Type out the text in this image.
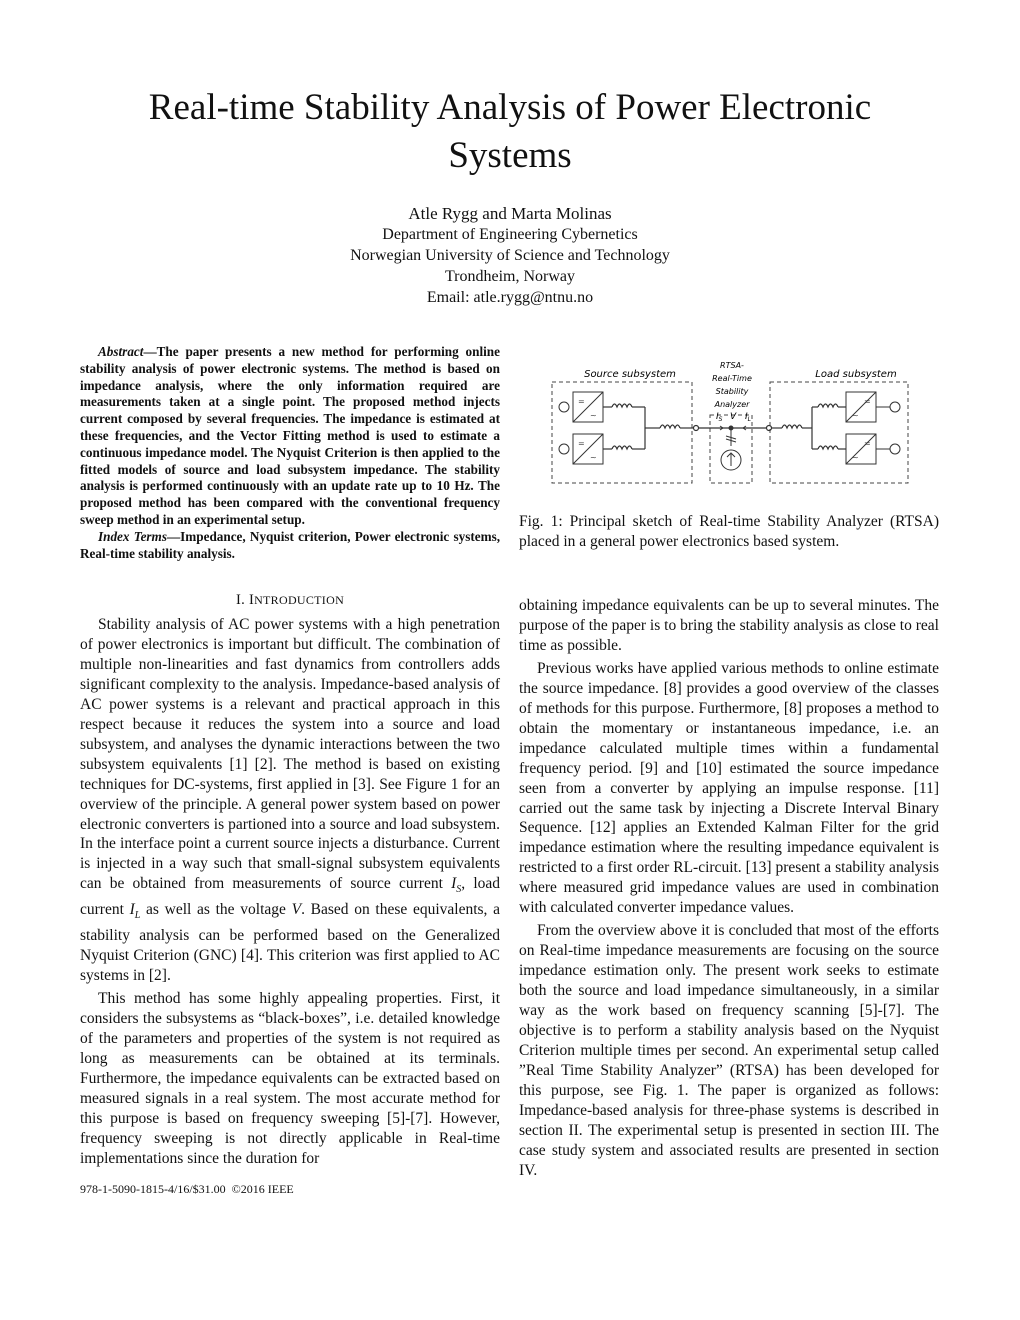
Real-time Stability Analysis of Power Electronic
Systems
Atle Rygg and Marta Molinas
Department of Engineering Cybernetics
Norwegian University of Science and Technology
Trondheim, Norway
Email: atle.rygg@ntnu.no

Abstract—The paper presents a new method for performing online stability analysis of power electronic systems. The method is based on impedance analysis, where the only information required are measurements taken at a single point. The proposed method injects current composed by several frequencies. The impedance is estimated at these frequencies, and the Vector Fitting method is used to estimate a continuous impedance model. The Nyquist Criterion is then applied to the fitted models of source and load subsystem impedance. The stability analysis is performed continuously with an update rate up to 10 Hz. The proposed method has been compared with the conventional frequency sweep method in an experimental setup.

Index Terms—Impedance, Nyquist criterion, Power electronic systems, Real-time stability analysis.

Source subsystem	Load subsystem
RTSA-
Real-Time
Stability
Analyzer
$I_S$ V $I_L$
=
~
=
~
~
=
~
=
Fig. 1: Principal sketch of Real-time Stability Analyzer (RTSA) placed in a general power electronics based system.
I. INTRODUCTION

Stability analysis of AC power systems with a high penetration of power electronics is important but difficult. The combination of multiple non-linearities and fast dynamics from controllers adds significant complexity to the analysis. Impedance-based analysis of AC power systems is a relevant and practical approach in this respect because it reduces the system into a source and load subsystem, and analyses the dynamic interactions between the two subsystem equivalents [1] [2]. The method is based on existing techniques for DC-systems, first applied in [3]. See Figure 1 for an overview of the principle. A general power system based on power electronic converters is partioned into a source and load subsystem. In the interface point a current source injects a disturbance. Current is injected in a way such that small-signal subsystem equivalents can be obtained from measurements of source current $I_S$, load current $I_L$ as well as the voltage V. Based on these equivalents, a stability analysis can be performed based on the Generalized Nyquist Criterion (GNC) [4]. This criterion was first applied to AC systems in [2].

This method has some highly appealing properties. First, it considers the subsystems as “black-boxes”, i.e. detailed knowledge of the parameters and properties of the system is not required as long as measurements can be obtained at its terminals. Furthermore, the impedance equivalents can be extracted based on measured signals in a real system. The most accurate method for this purpose is based on frequency sweeping [5]-[7]. However, frequency sweeping is not directly applicable in Real-time implementations since the duration for

obtaining impedance equivalents can be up to several minutes. The purpose of the paper is to bring the stability analysis as close to real time as possible.

Previous works have applied various methods to online estimate the source impedance. [8] provides a good overview of the classes of methods for this purpose. Furthermore, [8] proposes a method to obtain the momentary or instantaneous impedance, i.e. an impedance calculated multiple times within a fundamental frequency period. [9] and [10] estimated the source impedance seen from a converter by applying an impulse response. [11] carried out the same task by injecting a Discrete Interval Binary Sequence. [12] applies an Extended Kalman Filter for the grid impedance estimation where the resulting impedance equivalent is restricted to a first order RL-circuit. [13] present a stability analysis where measured grid impedance values are used in combination with calculated converter impedance values.

From the overview above it is concluded that most of the efforts on Real-time impedance measurements are focusing on the source impedance estimation only. The present work seeks to estimate both the source and load impedance simultaneously, in a similar way as the work based on frequency scanning [5]-[7]. The objective is to perform a stability analysis based on the Nyquist Criterion multiple times per second. An experimental setup called ”Real Time Stability Analyzer” (RTSA) has been developed for this purpose, see Fig. 1. The paper is organized as follows: Impedance-based analysis for three-phase systems is described in section II. The experimental setup is presented in section III. The case study system and associated results are presented in section IV.

978-1-5090-1815-4/16/$31.00 ©2016 IEEE
